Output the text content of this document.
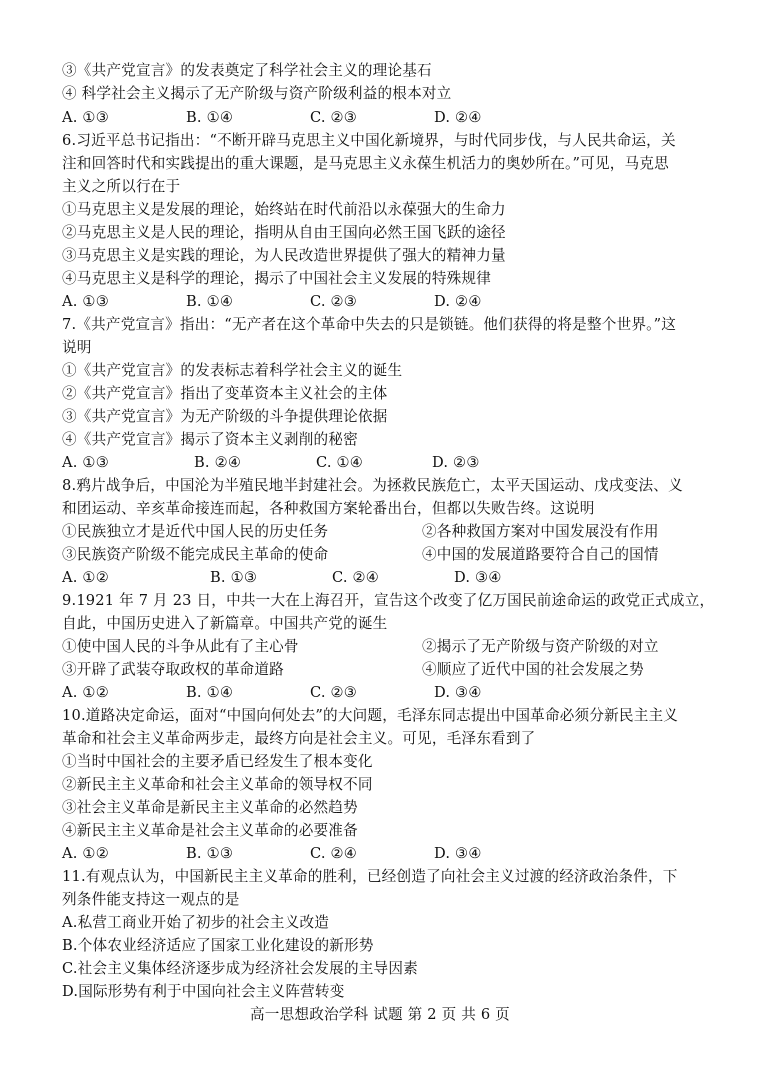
③《共产党宣言》的发表奠定了科学社会主义的理论基石
④ 科学社会主义揭示了无产阶级与资产阶级利益的根本对立
A. ①③	B. ①④	C. ②③	D. ②④
6.习近平总书记指出：“不断开辟马克思主义中国化新境界，与时代同步伐，与人民共命运，关
注和回答时代和实践提出的重大课题，是马克思主义永葆生机活力的奥妙所在。”可见，马克思
主义之所以行在于
①马克思主义是发展的理论，始终站在时代前沿以永葆强大的生命力
②马克思主义是人民的理论，指明从自由王国向必然王国飞跃的途径
③马克思主义是实践的理论，为人民改造世界提供了强大的精神力量
④马克思主义是科学的理论，揭示了中国社会主义发展的特殊规律
A. ①③	B. ①④	C. ②③	D. ②④
7.《共产党宣言》指出：“无产者在这个革命中失去的只是锁链。他们获得的将是整个世界。”这
说明
①《共产党宣言》的发表标志着科学社会主义的诞生
②《共产党宣言》指出了变革资本主义社会的主体
③《共产党宣言》为无产阶级的斗争提供理论依据
④《共产党宣言》揭示了资本主义剥削的秘密
A. ①③	B. ②④	C. ①④	D. ②③
8.鸦片战争后，中国沦为半殖民地半封建社会。为拯救民族危亡，太平天国运动、戊戌变法、义
和团运动、辛亥革命接连而起，各种救国方案轮番出台，但都以失败告终。这说明
①民族独立才是近代中国人民的历史任务	②各种救国方案对中国发展没有作用
③民族资产阶级不能完成民主革命的使命	④中国的发展道路要符合自己的国情
A. ①②	B. ①③	C. ②④	D. ③④
9.1921 年 7 月 23 日，中共一大在上海召开，宣告这个改变了亿万国民前途命运的政党正式成立，
自此，中国历史进入了新篇章。中国共产党的诞生
①使中国人民的斗争从此有了主心骨	②揭示了无产阶级与资产阶级的对立
③开辟了武装夺取政权的革命道路	④顺应了近代中国的社会发展之势
A. ①②	B. ①④	C. ②③	D. ③④
10.道路决定命运，面对“中国向何处去”的大问题，毛泽东同志提出中国革命必须分新民主主义
革命和社会主义革命两步走，最终方向是社会主义。可见，毛泽东看到了
①当时中国社会的主要矛盾已经发生了根本变化
②新民主主义革命和社会主义革命的领导权不同
③社会主义革命是新民主主义革命的必然趋势
④新民主主义革命是社会主义革命的必要准备
A. ①②	B. ①③	C. ②④	D. ③④
11.有观点认为，中国新民主主义革命的胜利，已经创造了向社会主义过渡的经济政治条件，下
列条件能支持这一观点的是
A.私营工商业开始了初步的社会主义改造
B.个体农业经济适应了国家工业化建设的新形势
C.社会主义集体经济逐步成为经济社会发展的主导因素
D.国际形势有利于中国向社会主义阵营转变
高一思想政治学科 试题 第 2 页 共 6 页
